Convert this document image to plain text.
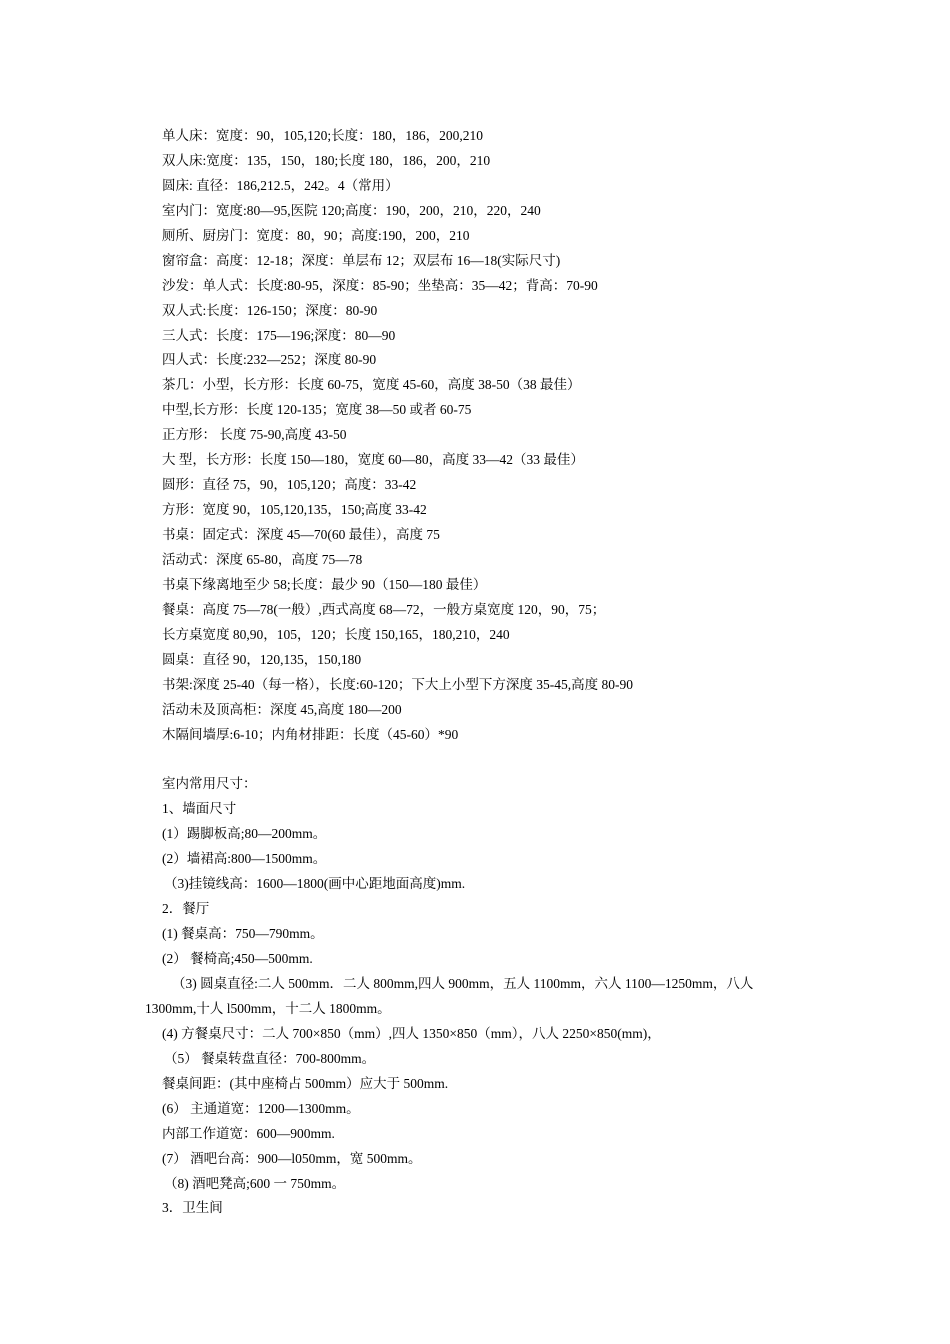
单人床：宽度：90，105,120;长度：180，186，200,210
双人床:宽度：135，150，180;长度 180，186，200，210
圆床: 直径：186,212.5，242。4（常用）
室内门：宽度:80—95,医院 120;高度：190，200，210，220，240
厕所、厨房门：宽度：80，90；高度:190，200，210
窗帘盒：高度：12-18；深度：单层布 12；双层布 16—18(实际尺寸)
沙发：单人式：长度:80-95，深度：85-90；坐垫高：35—42；背高：70-90
双人式:长度：126-150；深度：80-90
三人式：长度：175—196;深度：80—90
四人式：长度:232—252；深度 80-90
茶几：小型，长方形：长度 60-75，宽度 45-60，高度 38-50（38 最佳）
中型,长方形：长度 120-135；宽度 38—50 或者 60-75
正方形： 长度 75-90,高度 43-50
大 型，长方形：长度 150—180，宽度 60—80，高度 33—42（33 最佳）
圆形：直径 75，90，105,120；高度：33-42
方形：宽度 90，105,120,135，150;高度 33-42
书桌：固定式：深度 45—70(60 最佳），高度 75
活动式：深度 65-80，高度 75—78
书桌下缘离地至少 58;长度：最少 90（150—180 最佳）
餐桌：高度 75—78(一般）,西式高度 68—72，一般方桌宽度 120，90，75；
长方桌宽度 80,90，105，120；长度 150,165，180,210，240
圆桌：直径 90，120,135，150,180
书架:深度 25-40（每一格），长度:60-120；下大上小型下方深度 35-45,高度 80-90
活动未及顶高柜：深度 45,高度 180—200
木隔间墙厚:6-10；内角材排距：长度（45-60）*90
室内常用尺寸：
1、墙面尺寸
(1）踢脚板高;80—200mm。
(2）墙裙高:800—1500mm。
（3)挂镜线高：1600—1800(画中心距地面高度)mm.
2．餐厅
(1) 餐桌高：750—790mm。
(2） 餐椅高;450—500mm.
（3) 圆桌直径:二人 500mm．二人 800mm,四人 900mm，五人 1100mm，六人 1100—1250mm，八人
1300mm,十人 l500mm，十二人 1800mm。
(4) 方餐桌尺寸：二人 700×850（mm）,四人 1350×850（mm），八人 2250×850(mm)，
（5） 餐桌转盘直径：700-800mm。
餐桌间距：(其中座椅占 500mm）应大于 500mm.
(6） 主通道宽：1200—1300mm。
内部工作道宽：600—900mm.
(7） 酒吧台高：900—l050mm，宽 500mm。
（8) 酒吧凳高;600 一 750mm。
3．卫生间
